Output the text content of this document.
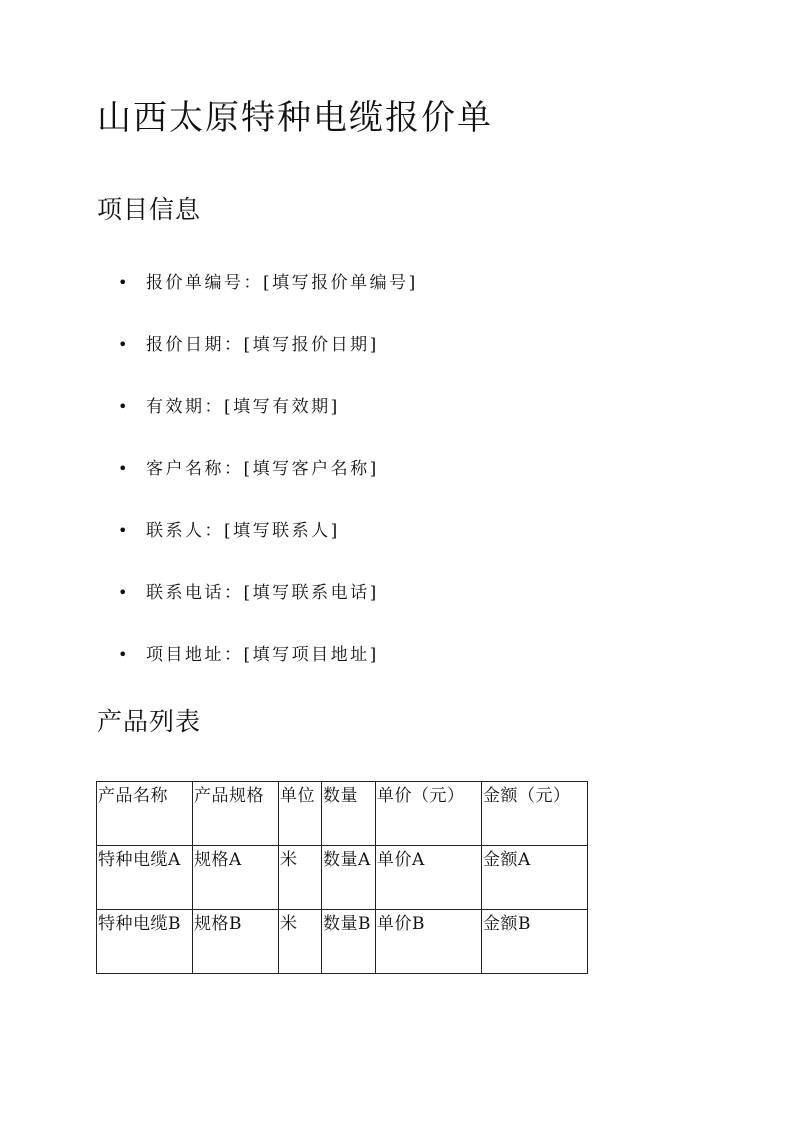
山西太原特种电缆报价单
项目信息
• 报价单编号：[填写报价单编号]
• 报价日期：[填写报价日期]
• 有效期：[填写有效期]
• 客户名称：[填写客户名称]
• 联系人：[填写联系人]
• 联系电话：[填写联系电话]
• 项目地址：[填写项目地址]
产品列表
产品名称	产品规格	单位	数量	单价（元）	金额（元）
特种电缆A	规格A	米	数量A	单价A	金额A
特种电缆B	规格B	米	数量B	单价B	金额B
